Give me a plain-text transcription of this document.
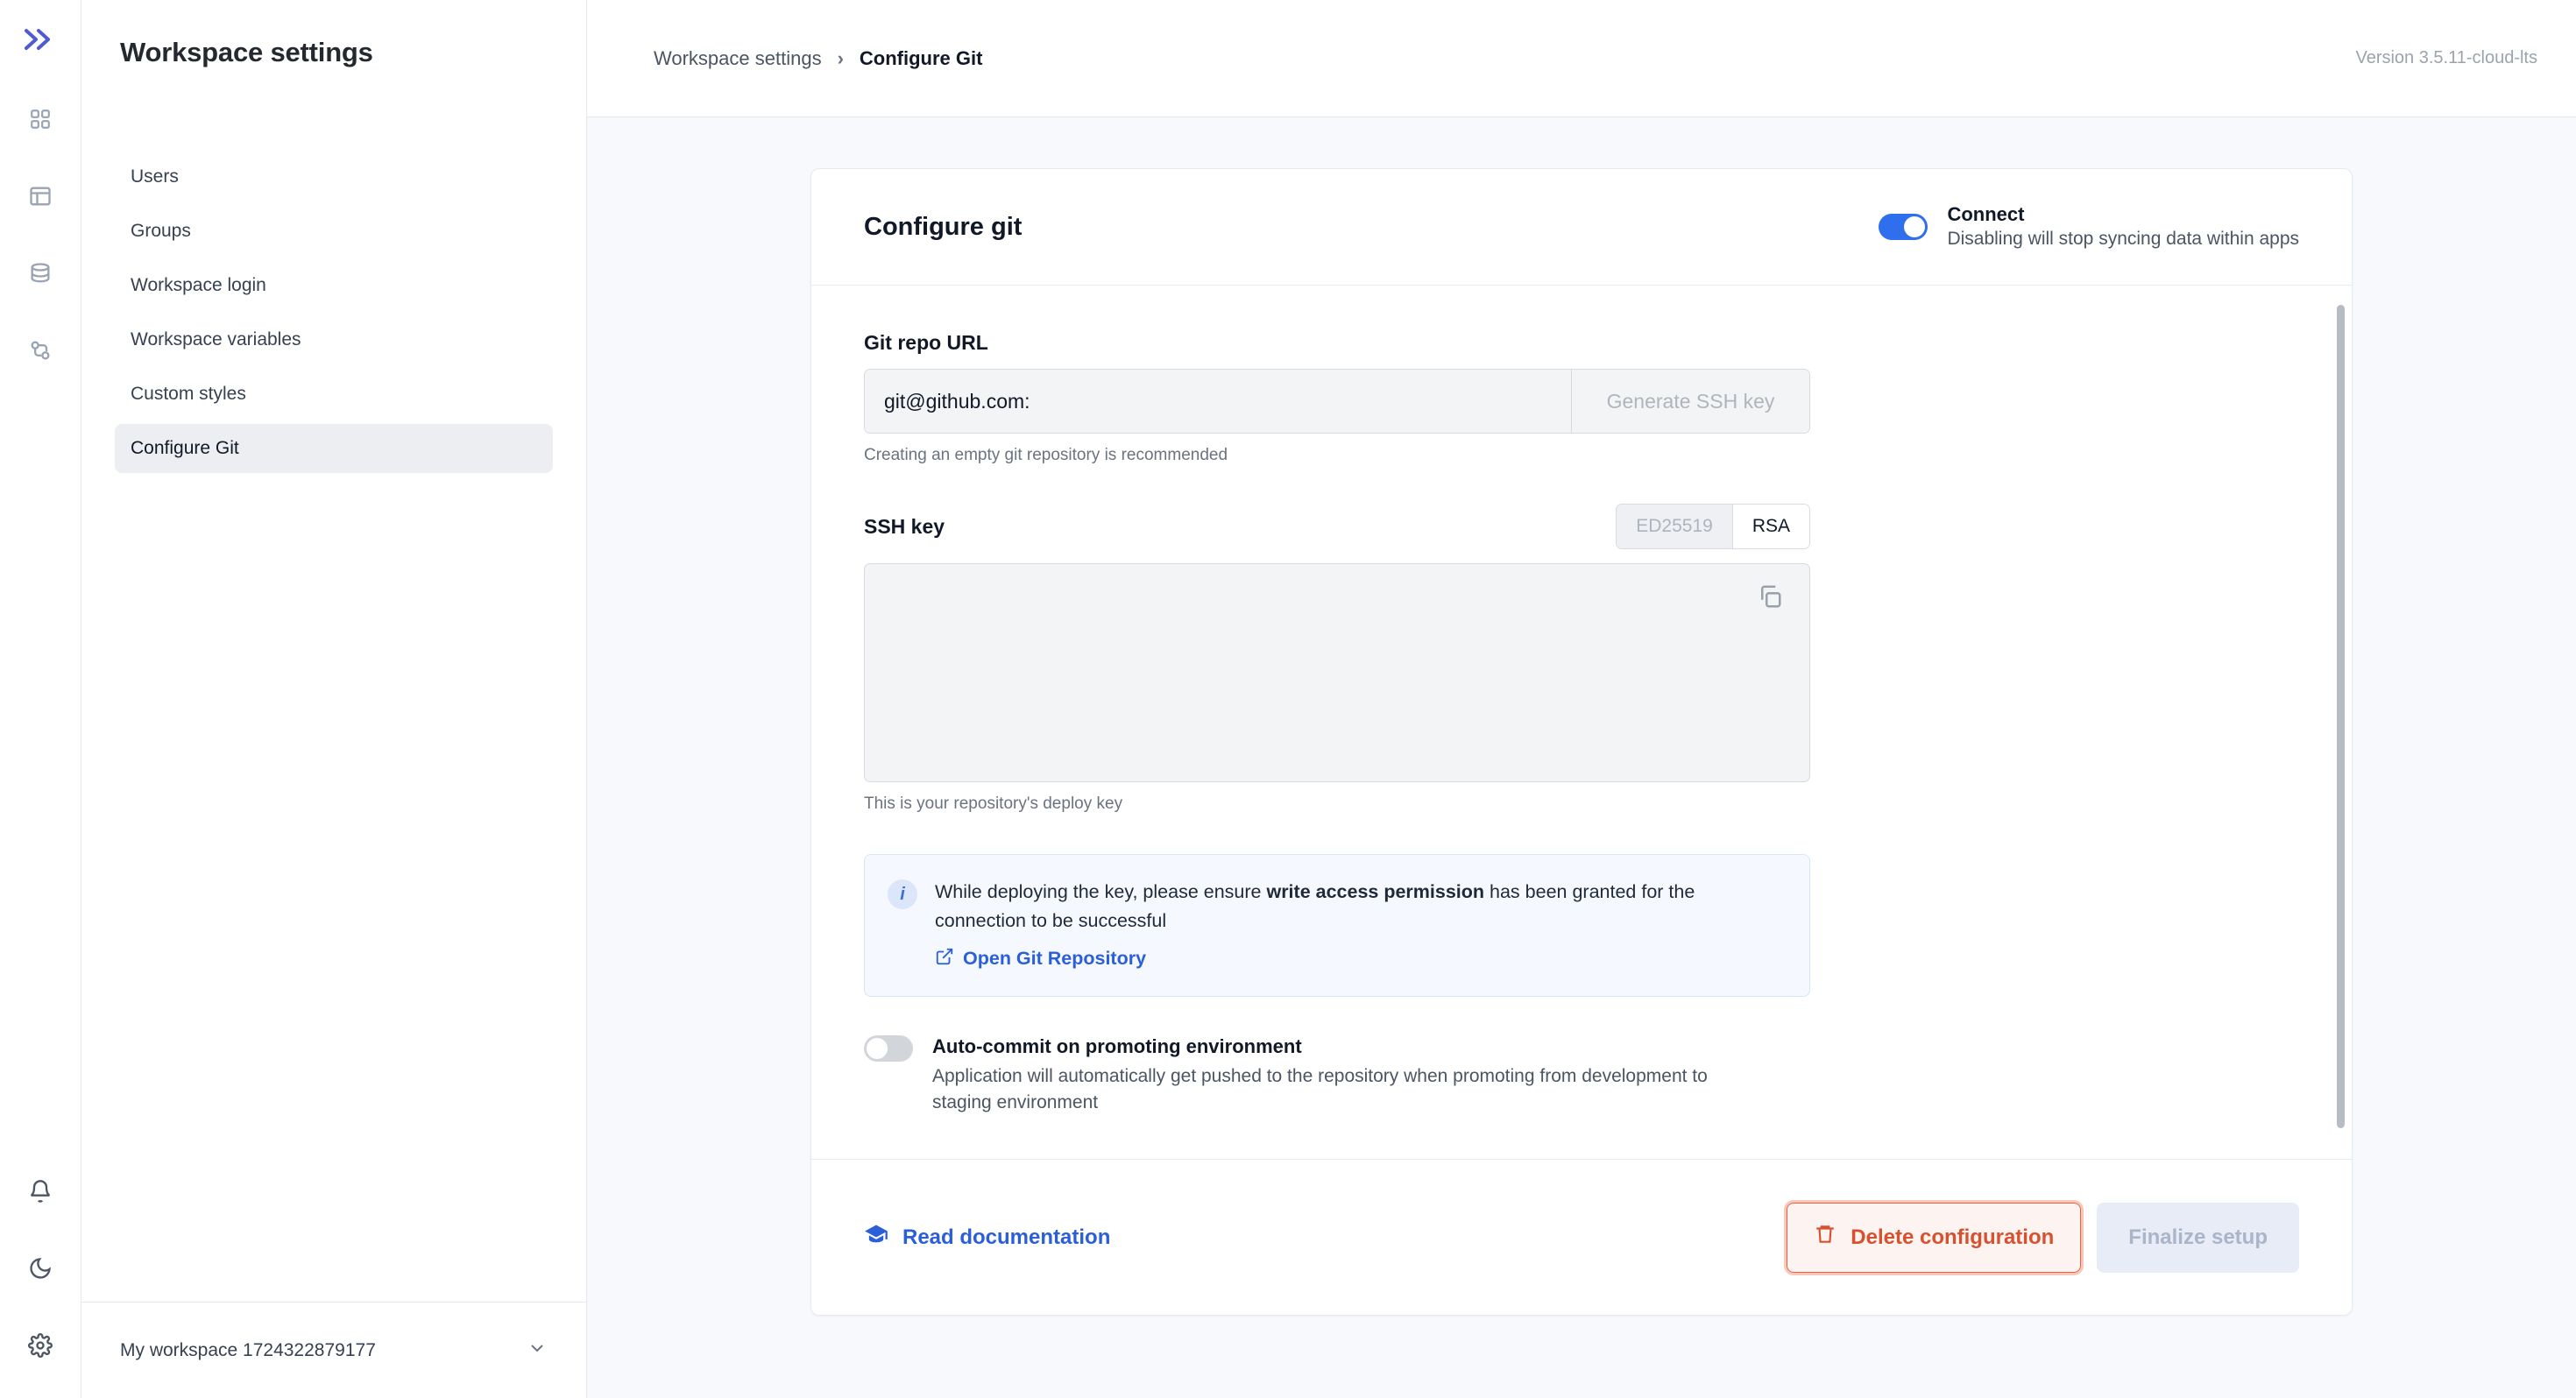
Workspace settings
Users
Groups
Workspace login
Workspace variables
Custom styles
Configure Git
My workspace 1724322879177
Workspace settings › Configure Git	Version 3.5.11-cloud-lts
Configure git	Connect
Disabling will stop syncing data within apps
Git repo URL
git@github.com:
Generate SSH key
Creating an empty git repository is recommended
SSH key	ED25519	RSA
This is your repository's deploy key
i	While deploying the key, please ensure write access permission has been granted for the connection to be successful
Open Git Repository
Auto-commit on promoting environment
Application will automatically get pushed to the repository when promoting from development to staging environment
Read documentation	Delete configuration	Finalize setup
